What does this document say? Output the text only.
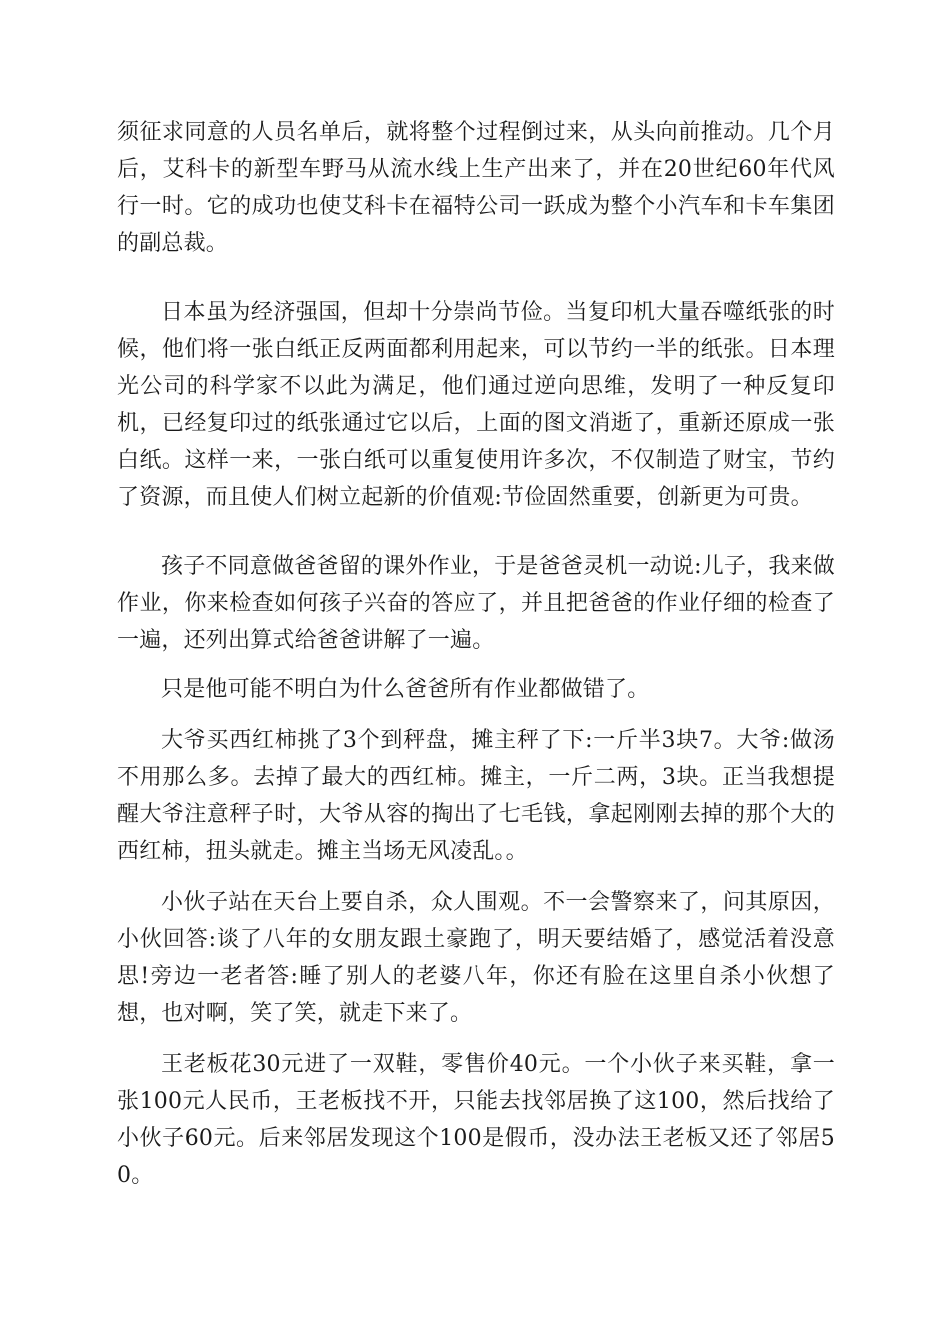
须征求同意的人员名单后，就将整个过程倒过来，从头向前推动。几个月后，艾科卡的新型车野马从流水线上生产出来了，并在20世纪60年代风行一时。它的成功也使艾科卡在福特公司一跃成为整个小汽车和卡车集团的副总裁。

日本虽为经济强国，但却十分崇尚节俭。当复印机大量吞噬纸张的时候，他们将一张白纸正反两面都利用起来，可以节约一半的纸张。日本理光公司的科学家不以此为满足，他们通过逆向思维，发明了一种反复印机，已经复印过的纸张通过它以后，上面的图文消逝了，重新还原成一张白纸。这样一来，一张白纸可以重复使用许多次，不仅制造了财宝，节约了资源，而且使人们树立起新的价值观:节俭固然重要，创新更为可贵。

孩子不同意做爸爸留的课外作业，于是爸爸灵机一动说:儿子，我来做作业，你来检查如何孩子兴奋的答应了，并且把爸爸的作业仔细的检查了一遍，还列出算式给爸爸讲解了一遍。

只是他可能不明白为什么爸爸所有作业都做错了。

大爷买西红柿挑了3个到秤盘，摊主秤了下:一斤半3块7。大爷:做汤不用那么多。去掉了最大的西红柿。摊主，一斤二两，3块。正当我想提醒大爷注意秤子时，大爷从容的掏出了七毛钱，拿起刚刚去掉的那个大的西红柿，扭头就走。摊主当场无风凌乱。。

小伙子站在天台上要自杀，众人围观。不一会警察来了，问其原因，小伙回答:谈了八年的女朋友跟土豪跑了，明天要结婚了，感觉活着没意思!旁边一老者答:睡了别人的老婆八年，你还有脸在这里自杀小伙想了想，也对啊，笑了笑，就走下来了。

王老板花30元进了一双鞋，零售价40元。一个小伙子来买鞋，拿一张100元人民币，王老板找不开，只能去找邻居换了这100，然后找给了小伙子60元。后来邻居发现这个100是假币，没办法王老板又还了邻居50。
